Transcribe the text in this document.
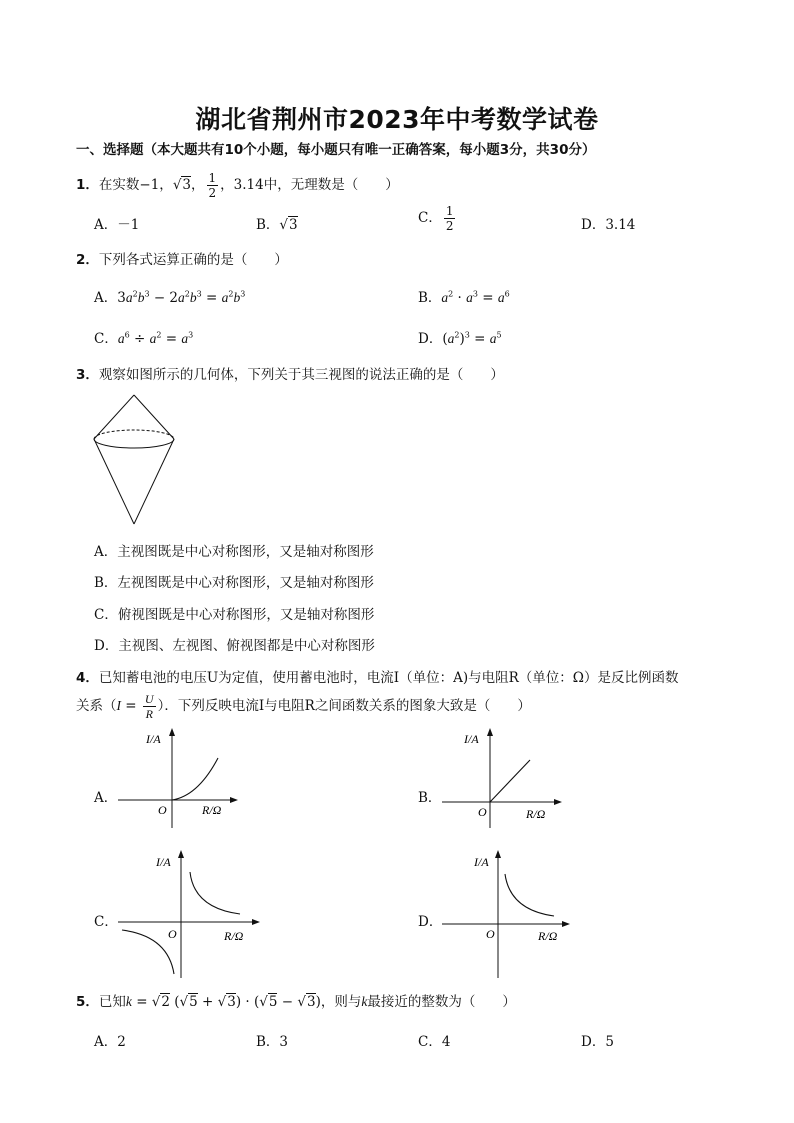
湖北省荆州市2023年中考数学试卷
一、选择题（本大题共有10个小题，每小题只有唯一正确答案，每小题3分，共30分）
1．在实数−1，√3， $\frac{1}{2}$ ，3.14中，无理数是（　　）
A．－1	B．√3	C． $\frac{1}{2}$	D．3.14
2．下列各式运算正确的是（　　）
A．$3a^2b^3 - 2a^2b^3 = a^2b^3$	B．$a^2 \cdot a^3 = a^6$
C．$a^6 \div a^2 = a^3$	D．$(a^2)^3 = a^5$
3．观察如图所示的几何体，下列关于其三视图的说法正确的是（　　）
A．主视图既是中心对称图形，又是轴对称图形
B．左视图既是中心对称图形，又是轴对称图形
C．俯视图既是中心对称图形，又是轴对称图形
D．主视图、左视图、俯视图都是中心对称图形
4．已知蓄电池的电压U为定值，使用蓄电池时，电流I（单位：A)与电阻R（单位：Ω）是反比例函数
关系（$I = \frac{U}{R}$ ）．下列反映电流I与电阻R之间函数关系的图象大致是（　　）
A．
I/A
O	R/Ω
B．
I/A
O	R/Ω
C．
I/A
O	R/Ω
D．
I/A
O	R/Ω
5．已知k = √2 (√5 + √3) · (√5 − √3)，则与k最接近的整数为（　　）
A．2	B．3	C．4	D．5
